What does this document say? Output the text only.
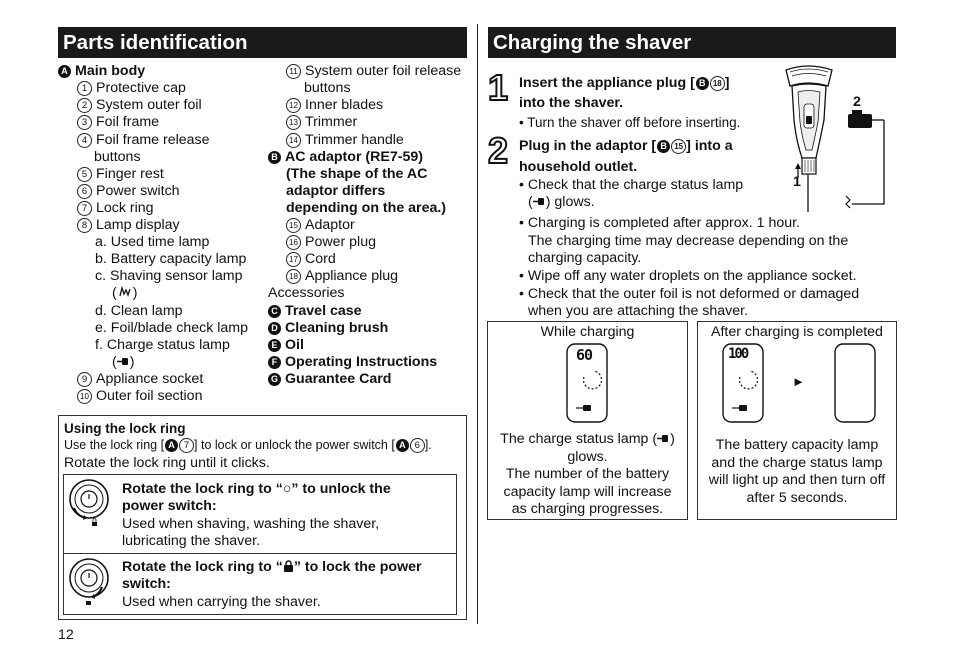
Parts identification
A Main body
1 Protective cap
2 System outer foil
3 Foil frame
4 Foil frame release
buttons
5 Finger rest
6 Power switch
7 Lock ring
8 Lamp display
a. Used time lamp
b. Battery capacity lamp
c. Shaving sensor lamp
( )
d. Clean lamp
e. Foil/blade check lamp
f. Charge status lamp
( )
9 Appliance socket
10 Outer foil section
11 System outer foil release
buttons
12 Inner blades
13 Trimmer
14 Trimmer handle
B AC adaptor (RE7-59)
(The shape of the AC
adaptor differs
depending on the area.)
15 Adaptor
16 Power plug
17 Cord
18 Appliance plug
Accessories
C Travel case
D Cleaning brush
E Oil
F Operating Instructions
G Guarantee Card
Using the lock ring
Use the lock ring [ A 7 ] to lock or unlock the power switch [ A 6 ].
Rotate the lock ring until it clicks.
Rotate the lock ring to “○” to unlock the
power switch:
Used when shaving, washing the shaver,
lubricating the shaver.
Rotate the lock ring to “ ” to lock the power
switch:
Used when carrying the shaver.
12
Charging the shaver
1 Insert the appliance plug [ B 18 ]
into the shaver.
• Turn the shaver off before inserting.
2 Plug in the adaptor [ B 15 ] into a
household outlet.
• Check that the charge status lamp
( ) glows.
• Charging is completed after approx. 1 hour.
The charging time may decrease depending on the
charging capacity.
• Wipe off any water droplets on the appliance socket.
• Check that the outer foil is not deformed or damaged
when you are attaching the shaver.
2
1
While charging
60
The charge status lamp ( )
glows.
The number of the battery
capacity lamp will increase
as charging progresses.
After charging is completed
100
►
The battery capacity lamp
and the charge status lamp
will light up and then turn off
after 5 seconds.
